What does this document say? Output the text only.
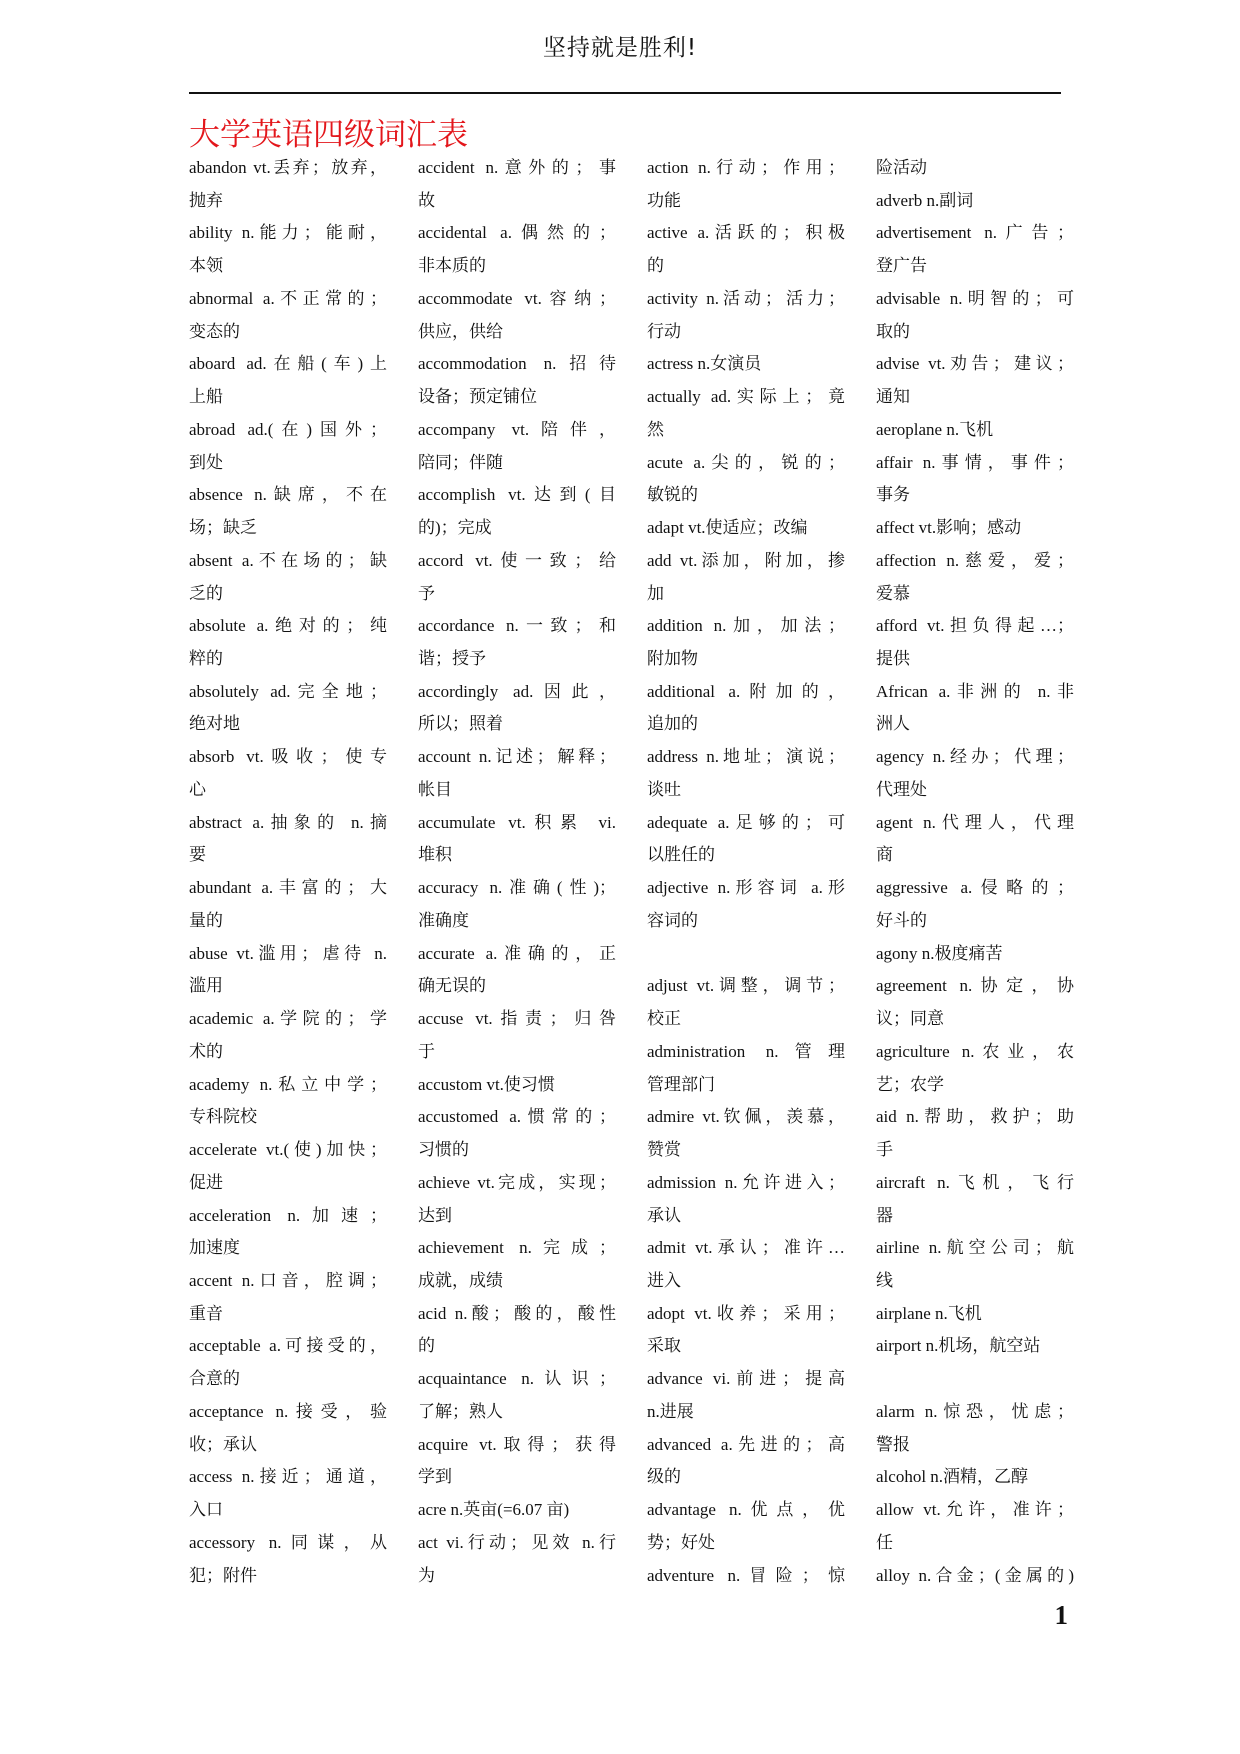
坚持就是胜利!
大学英语四级词汇表
abandon vt.丢弃；放弃，
抛弃
ability n.能力；能耐，
本领
abnormal a.不正常的；
变态的
aboard ad.在船(车)上
上船
abroad ad.(在)国外；
到处
absence n.缺席，不在
场；缺乏
absent a.不在场的；缺
乏的
absolute a.绝对的；纯
粹的
absolutely ad.完全地；
绝对地
absorb vt.吸收；使专
心
abstract a.抽象的 n.摘
要
abundant a.丰富的；大
量的
abuse vt.滥用；虐待 n.
滥用
academic a.学院的；学
术的
academy n.私立中学；
专科院校
accelerate vt.(使)加快；
促进
acceleration n.加速；
加速度
accent n.口音，腔调；
重音
acceptable a.可接受的，
合意的
acceptance n.接受，验
收；承认
access n.接近；通道，
入口
accessory n.同谋，从
犯；附件
accident n.意外的；事
故
accidental a.偶然的；
非本质的
accommodate vt.容纳；
供应，供给
accommodation n.招待
设备；预定铺位
accompany vt.陪伴，
陪同；伴随
accomplish vt.达到(目
的)；完成
accord vt.使一致；给
予
accordance n.一致；和
谐；授予
accordingly ad.因此，
所以；照着
account n.记述；解释；
帐目
accumulate vt.积累 vi.
堆积
accuracy n.准确(性)；
准确度
accurate a.准确的，正
确无误的
accuse vt.指责；归咎
于
accustom vt.使习惯
accustomed a.惯常的；
习惯的
achieve vt.完成，实现；
达到
achievement n.完成；
成就，成绩
acid n.酸；酸的，酸性
的
acquaintance n.认识；
了解；熟人
acquire vt.取得；获得
学到
acre n.英亩(=6.07 亩)
act vi.行动；见效 n.行
为
action n.行动；作用；
功能
active a.活跃的；积极
的
activity n.活动；活力；
行动
actress n.女演员
actually ad.实际上；竟
然
acute a.尖的，锐的；
敏锐的
adapt vt.使适应；改编
add vt.添加，附加，掺
加
addition n.加，加法；
附加物
additional a.附加的，
追加的
address n.地址；演说；
谈吐
adequate a.足够的；可
以胜任的
adjective n.形容词 a.形
容词的
adjust vt.调整，调节；
校正
administration n.管理
管理部门
admire vt.钦佩，羡慕，
赞赏
admission n.允许进入；
承认
admit vt.承认；准许…
进入
adopt vt.收养；采用；
采取
advance vi.前进；提高
n.进展
advanced a.先进的；高
级的
advantage n.优点，优
势；好处
adventure n.冒险；惊
险活动
adverb n.副词
advertisement n.广告；
登广告
advisable n.明智的；可
取的
advise vt.劝告；建议；
通知
aeroplane n.飞机
affair n.事情，事件；
事务
affect vt.影响；感动
affection n.慈爱，爱；
爱慕
afford vt.担负得起…；
提供
African a.非洲的 n.非
洲人
agency n.经办；代理；
代理处
agent n.代理人，代理
商
aggressive a.侵略的；
好斗的
agony n.极度痛苦
agreement n.协定，协
议；同意
agriculture n.农业，农
艺；农学
aid n.帮助，救护；助
手
aircraft n.飞机，飞行
器
airline n.航空公司；航
线
airplane n.飞机
airport n.机场，航空站
alarm n.惊恐，忧虑；
警报
alcohol n.酒精，乙醇
allow vt.允许，准许；
任
alloy n.合金；(金属的)
1
